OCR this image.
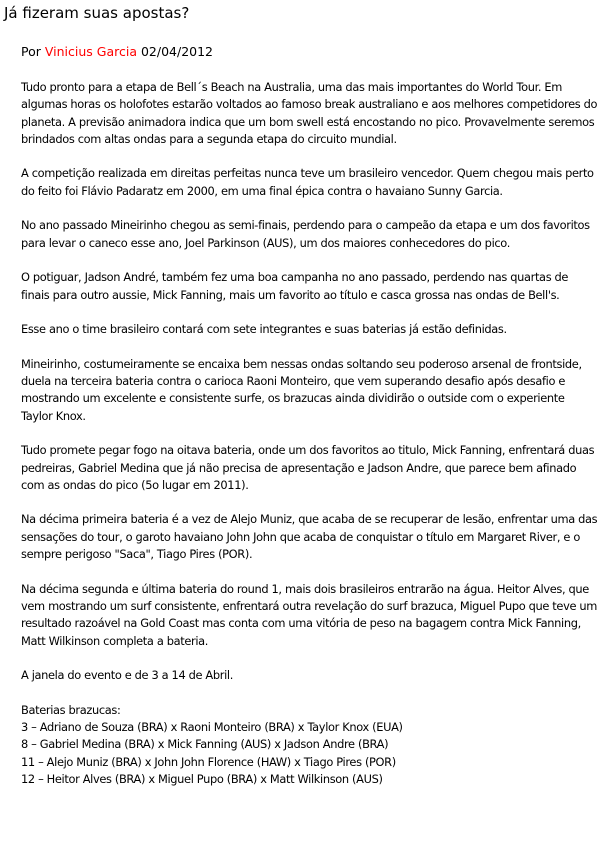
Já fizeram suas apostas?
Por Vinicius Garcia 02/04/2012

Tudo pronto para a etapa de Bell´s Beach na Australia, uma das mais importantes do World Tour. Em algumas horas os holofotes estarão voltados ao famoso break australiano e aos melhores competidores do planeta. A previsão animadora indica que um bom swell está encostando no pico. Provavelmente seremos brindados com altas ondas para a segunda etapa do circuito mundial.

A competição realizada em direitas perfeitas nunca teve um brasileiro vencedor. Quem chegou mais perto do feito foi Flávio Padaratz em 2000, em uma final épica contra o havaiano Sunny Garcia.

No ano passado Mineirinho chegou as semi-finais, perdendo para o campeão da etapa e um dos favoritos para levar o caneco esse ano, Joel Parkinson (AUS), um dos maiores conhecedores do pico.

O potiguar, Jadson André, também fez uma boa campanha no ano passado, perdendo nas quartas de finais para outro aussie, Mick Fanning, mais um favorito ao título e casca grossa nas ondas de Bell's.

Esse ano o time brasileiro contará com sete integrantes e suas baterias já estão definidas.

Mineirinho, costumeiramente se encaixa bem nessas ondas soltando seu poderoso arsenal de frontside, duela na terceira bateria contra o carioca Raoni Monteiro, que vem superando desafio após desafio e mostrando um excelente e consistente surfe, os brazucas ainda dividirão o outside com o experiente Taylor Knox.

Tudo promete pegar fogo na oitava bateria, onde um dos favoritos ao titulo, Mick Fanning, enfrentará duas pedreiras, Gabriel Medina que já não precisa de apresentação e Jadson Andre, que parece bem afinado com as ondas do pico (5o lugar em 2011).

Na décima primeira bateria é a vez de Alejo Muniz, que acaba de se recuperar de lesão, enfrentar uma das sensações do tour, o garoto havaiano John John que acaba de conquistar o título em Margaret River, e o sempre perigoso "Saca", Tiago Pires (POR).

Na décima segunda e última bateria do round 1, mais dois brasileiros entrarão na água. Heitor Alves, que vem mostrando um surf consistente, enfrentará outra revelação do surf brazuca, Miguel Pupo que teve um resultado razoável na Gold Coast mas conta com uma vitória de peso na bagagem contra Mick Fanning, Matt Wilkinson completa a bateria.

A janela do evento e de 3 a 14 de Abril.

Baterias brazucas:
3 – Adriano de Souza (BRA) x Raoni Monteiro (BRA) x Taylor Knox (EUA)
8 – Gabriel Medina (BRA) x Mick Fanning (AUS) x Jadson Andre (BRA)
11 – Alejo Muniz (BRA) x John John Florence (HAW) x Tiago Pires (POR)
12 – Heitor Alves (BRA) x Miguel Pupo (BRA) x Matt Wilkinson (AUS)
